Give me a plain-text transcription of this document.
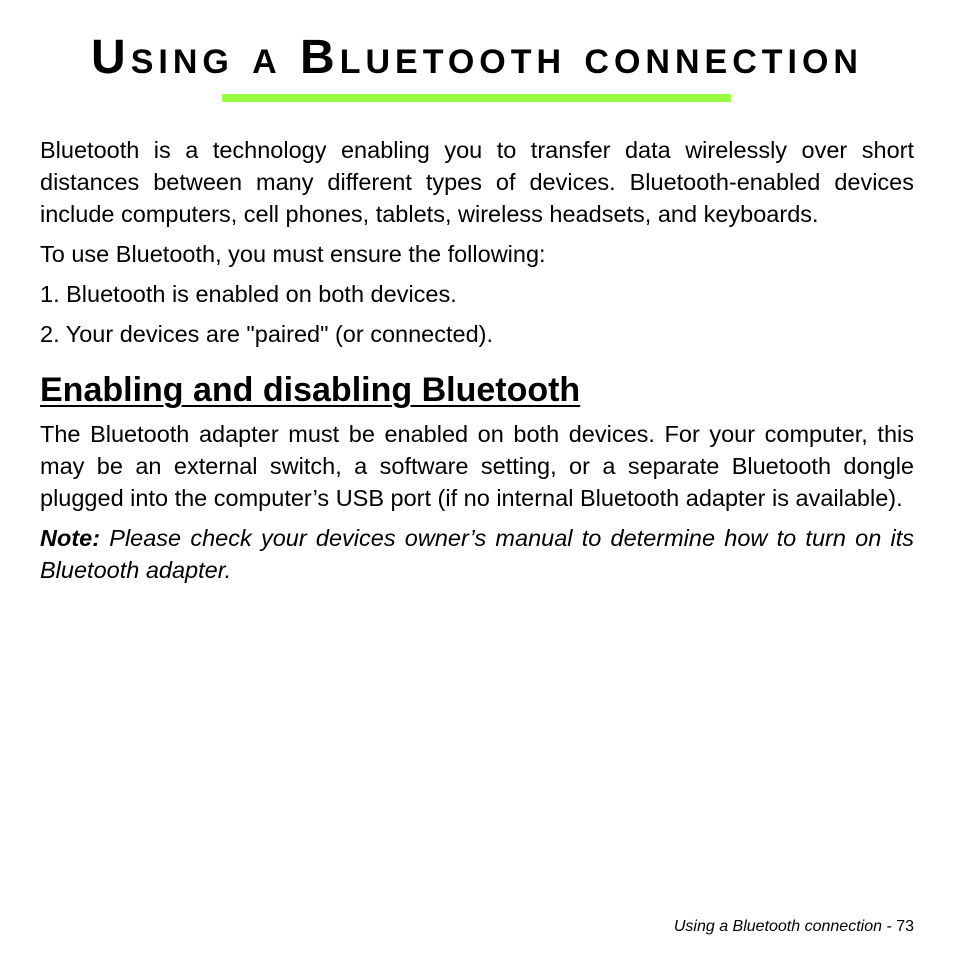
Using a Bluetooth connection

Bluetooth is a technology enabling you to transfer data wirelessly over short distances between many different types of devices. Bluetooth-enabled devices include computers, cell phones, tablets, wireless headsets, and keyboards.

To use Bluetooth, you must ensure the following:

1. Bluetooth is enabled on both devices.

2. Your devices are "paired" (or connected).

Enabling and disabling Bluetooth

The Bluetooth adapter must be enabled on both devices. For your computer, this may be an external switch, a software setting, or a separate Bluetooth dongle plugged into the computer’s USB port (if no internal Bluetooth adapter is available).

Note: Please check your devices owner’s manual to determine how to turn on its Bluetooth adapter.

Using a Bluetooth connection - 73
